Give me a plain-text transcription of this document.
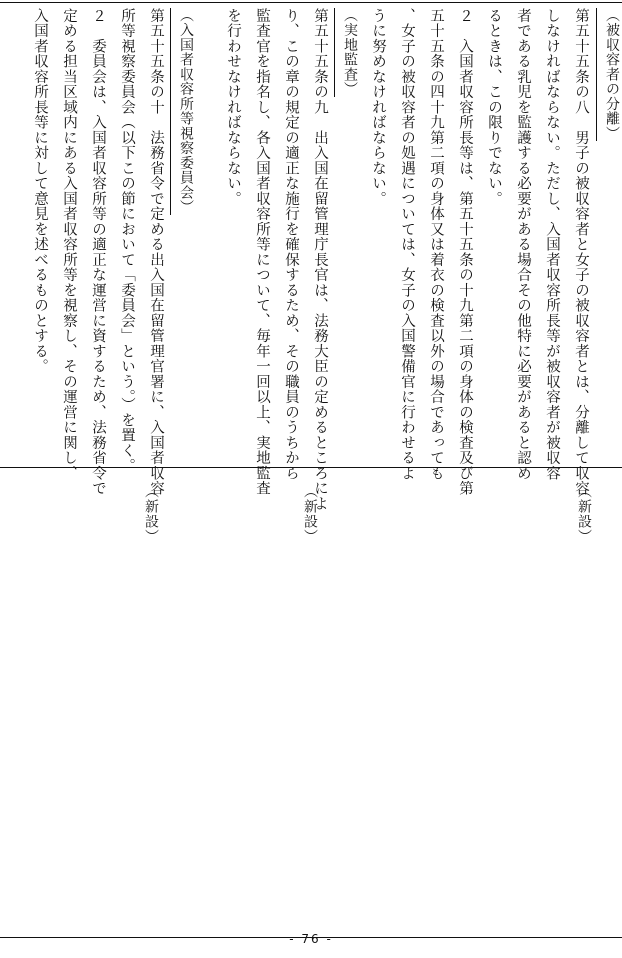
（被収容者の分離）
第五十五条の八　男子の被収容者と女子の被収容者とは、分離して収容
しなければならない。ただし、入国者収容所長等が被収容者が被収容
者である乳児を監護する必要がある場合その他特に必要があると認め
るときは、この限りでない。
２　入国者収容所長等は、第五十五条の十九第二項の身体の検査及び第
五十五条の四十九第二項の身体又は着衣の検査以外の場合であっても
、女子の被収容者の処遇については、女子の入国警備官に行わせるよ
うに努めなければならない。
（実地監査）
第五十五条の九　出入国在留管理庁長官は、法務大臣の定めるところによ
り、この章の規定の適正な施行を確保するため、その職員のうちから
監査官を指名し、各入国者収容所等について、毎年一回以上、実地監査
を行わせなければならない。
（入国者収容所等視察委員会）
第五十五条の十　法務省令で定める出入国在留管理官署に、入国者収容
所等視察委員会（以下この節において「委員会」という。）を置く。
２　委員会は、入国者収容所等の適正な運営に資するため、法務省令で
定める担当区域内にある入国者収容所等を視察し、その運営に関し、
入国者収容所長等に対して意見を述べるものとする。
（新設）
（新設）
（新設）
- 76 -
